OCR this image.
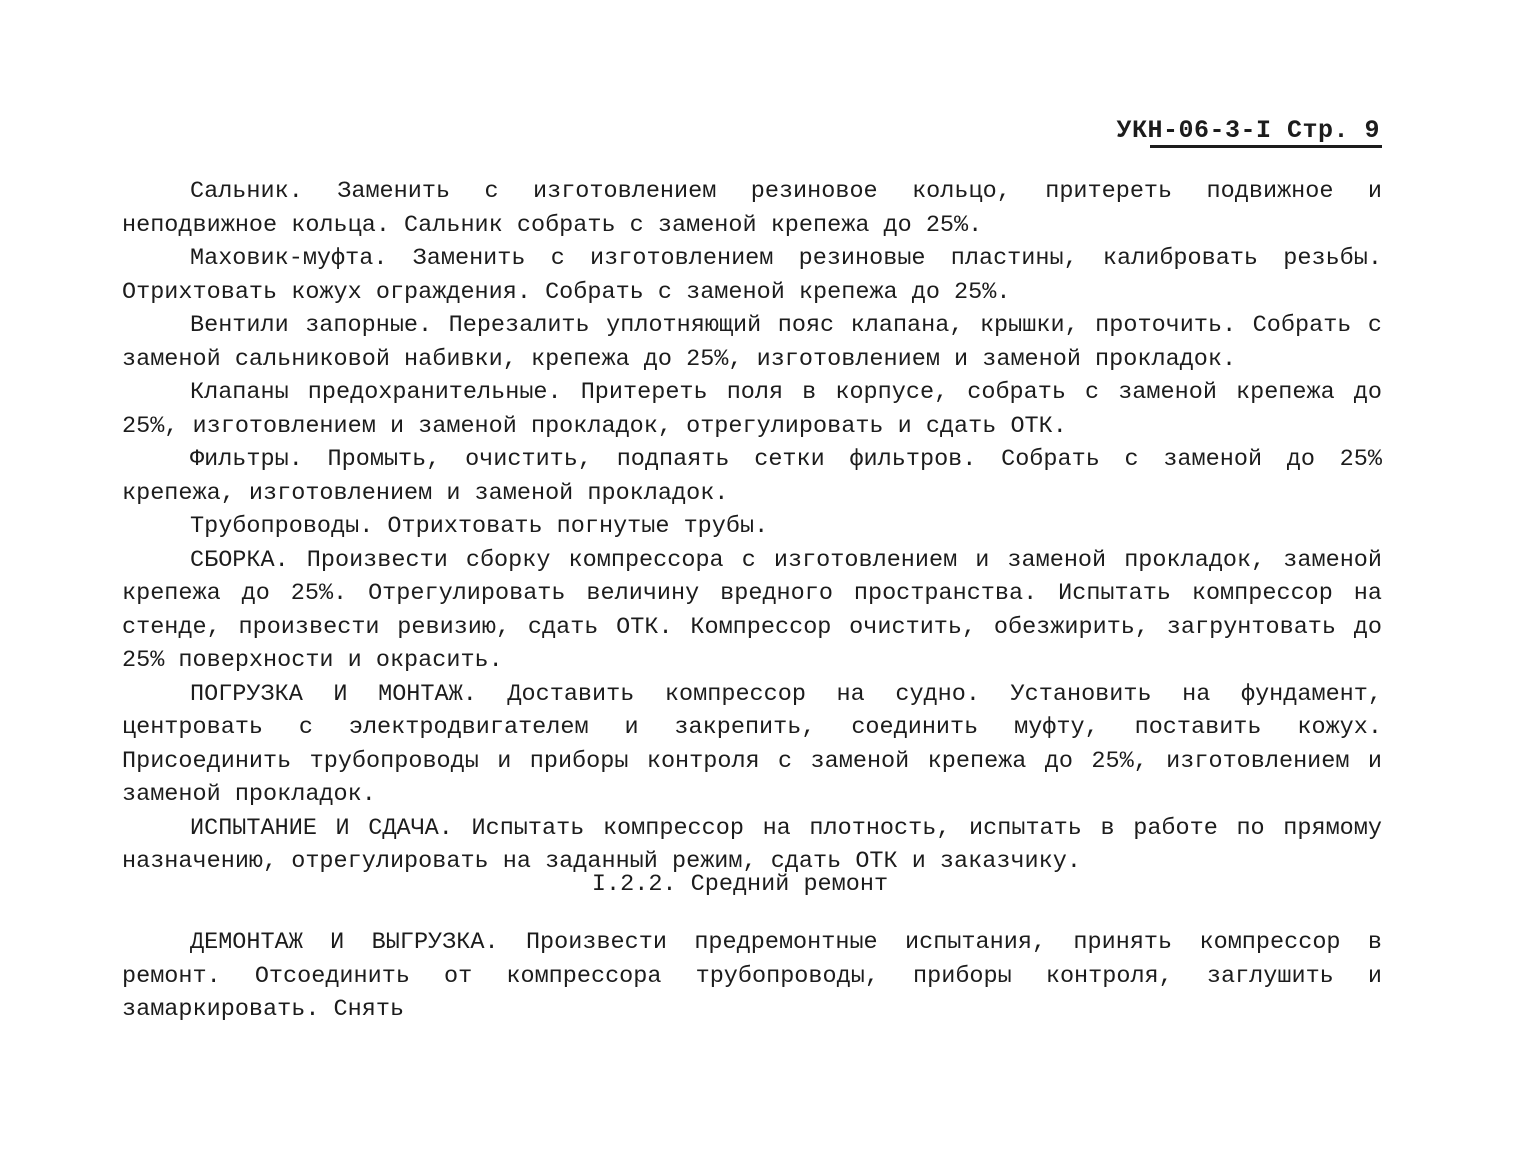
УКН-06-3-I Стр. 9

Сальник. Заменить с изготовлением резиновое кольцо, притереть подвижное и неподвижное кольца. Сальник собрать с заменой крепежа до 25%.

Маховик-муфта. Заменить с изготовлением резиновые пластины, калибровать резьбы. Отрихтовать кожух ограждения. Собрать с заменой крепежа до 25%.

Вентили запорные. Перезалить уплотняющий пояс клапана, крышки, проточить. Собрать с заменой сальниковой набивки, крепежа до 25%, изготовлением и заменой прокладок.

Клапаны предохранительные. Притереть поля в корпусе, собрать с заменой крепежа до 25%, изготовлением и заменой прокладок, отрегулировать и сдать ОТК.

Фильтры. Промыть, очистить, подпаять сетки фильтров. Собрать с заменой до 25% крепежа, изготовлением и заменой прокладок.

Трубопроводы. Отрихтовать погнутые трубы.

СБОРКА. Произвести сборку компрессора с изготовлением и заменой прокладок, заменой крепежа до 25%. Отрегулировать величину вредного пространства. Испытать компрессор на стенде, произвести ревизию, сдать ОТК. Компрессор очистить, обезжирить, загрунтовать до 25% поверхности и окрасить.

ПОГРУЗКА И МОНТАЖ. Доставить компрессор на судно. Установить на фундамент, центровать с электродвигателем и закрепить, соединить муфту, поставить кожух. Присоединить трубопроводы и приборы контроля с заменой крепежа до 25%, изготовлением и заменой прокладок.

ИСПЫТАНИЕ И СДАЧА. Испытать компрессор на плотность, испытать в работе по прямому назначению, отрегулировать на заданный режим, сдать ОТК и заказчику.

I.2.2. Средний ремонт

ДЕМОНТАЖ И ВЫГРУЗКА. Произвести предремонтные испытания, принять компрессор в ремонт. Отсоединить от компрессора трубопроводы, приборы контроля, заглушить и замаркировать. Снять
